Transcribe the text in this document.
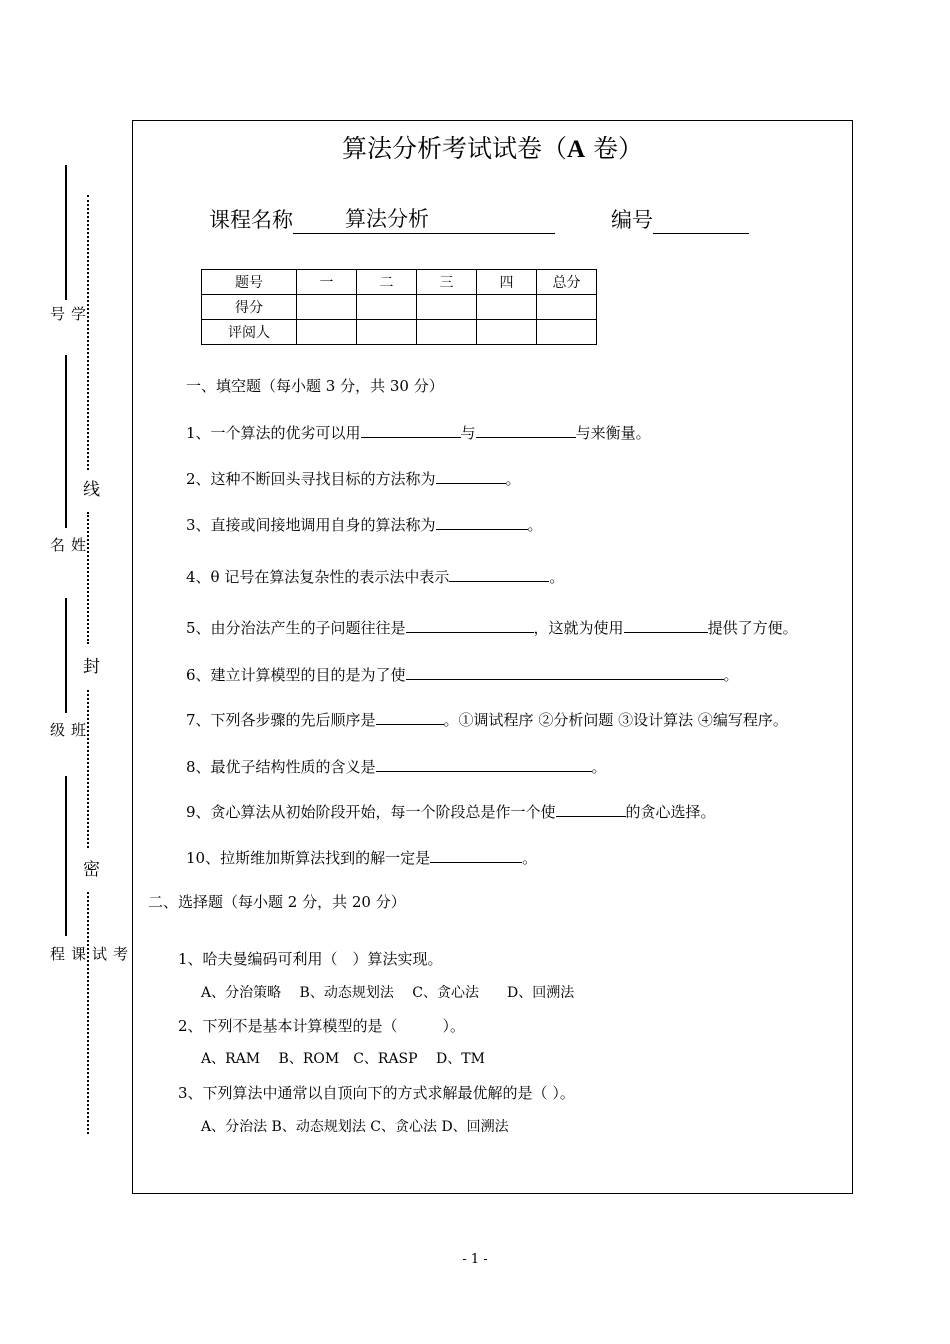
学号
姓名
班级
考试课程
线
封
密
算法分析考试试卷（A 卷）
课程名称 算法分析	编号
题号	一	二	三	四	总分
得分					
评阅人					
一、填空题（每小题 3 分，共 30 分）
1、一个算法的优劣可以用	与	与来衡量。
2、这种不断回头寻找目标的方法称为	。
3、直接或间接地调用自身的算法称为	。
4、θ 记号在算法复杂性的表示法中表示	。
5、由分治法产生的子问题往往是	，这就为使用	提供了方便。
6、建立计算模型的目的是为了使	。
7、下列各步骤的先后顺序是	。①调试程序 ②分析问题 ③设计算法 ④编写程序。
8、最优子结构性质的含义是	。
9、贪心算法从初始阶段开始，每一个阶段总是作一个使	的贪心选择。
10、拉斯维加斯算法找到的解一定是	。
二、选择题（每小题 2 分，共 20 分）
1、哈夫曼编码可利用（　）算法实现。
A、分治策略　 B、动态规划法　 C、贪心法　　D、回溯法
2、下列不是基本计算模型的是（　　　）。
A、RAM　 B、ROM　C、RASP　 D、TM
3、下列算法中通常以自顶向下的方式求解最优解的是（ ）。
A、分治法 B、动态规划法 C、贪心法 D、回溯法
- 1 -
